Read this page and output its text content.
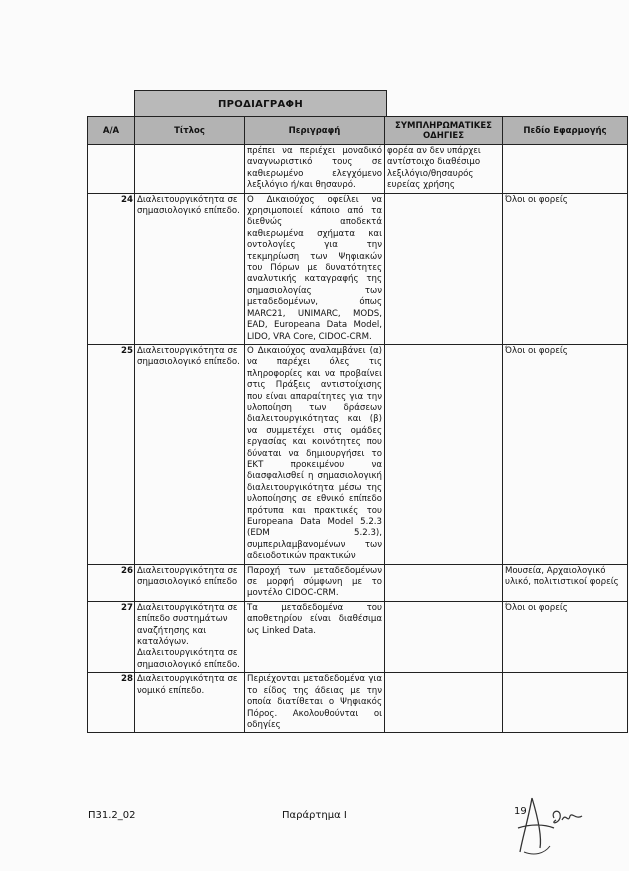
ΠΡΟΔΙΑΓΡΑΦΗ
Α/Α	Τίτλος	Περιγραφή	ΣΥΜΠΛΗΡΩΜΑΤΙΚΕΣ ΟΔΗΓΙΕΣ	Πεδίο Εφαρμογής
		πρέπει να περιέχει μοναδικό αναγνωριστικό τους σε καθιερωμένο ελεγχόμενο λεξιλόγιο ή/και θησαυρό.	φορέα αν δεν υπάρχει αντίστοιχο διαθέσιμο λεξιλόγιο/θησαυρός ευρείας χρήσης	
24	Διαλειτουργικότητα σε σημασιολογικό επίπεδο.	Ο Δικαιούχος οφείλει να χρησιμοποιεί κάποιο από τα διεθνώς αποδεκτά καθιερωμένα σχήματα και οντολογίες για την τεκμηρίωση των Ψηφιακών του Πόρων με δυνατότητες αναλυτικής καταγραφής της σημασιολογίας των μεταδεδομένων, όπως MARC21, UNIMARC, MODS, EAD, Europeana Data Model, LIDO, VRA Core, CIDOC-CRM.		Όλοι οι φορείς
25	Διαλειτουργικότητα σε σημασιολογικό επίπεδο.	Ο Δικαιούχος αναλαμβάνει (α) να παρέχει όλες τις πληροφορίες και να προβαίνει στις Πράξεις αντιστοίχισης που είναι απαραίτητες για την υλοποίηση των δράσεων διαλειτουργικότητας και (β) να συμμετέχει στις ομάδες εργασίας και κοινότητες που δύναται να δημιουργήσει το ΕΚΤ προκειμένου να διασφαλισθεί η σημασιολογική διαλειτουργικότητα μέσω της υλοποίησης σε εθνικό επίπεδο πρότυπα και πρακτικές του Europeana Data Model 5.2.3 (EDM 5.2.3), συμπεριλαμβανομένων των αδειοδοτικών πρακτικών		Όλοι οι φορείς
26	Διαλειτουργικότητα σε σημασιολογικό επίπεδο	Παροχή των μεταδεδομένων σε μορφή σύμφωνη με το μοντέλο CIDOC-CRM.		Μουσεία, Αρχαιολογικό υλικό, πολιτιστικοί φορείς
27	Διαλειτουργικότητα σε επίπεδο συστημάτων αναζήτησης και καταλόγων. Διαλειτουργικότητα σε σημασιολογικό επίπεδο.	Τα μεταδεδομένα του αποθετηρίου είναι διαθέσιμα ως Linked Data.		Όλοι οι φορείς
28	Διαλειτουργικότητα σε νομικό επίπεδο.	Περιέχονται μεταδεδομένα για το είδος της άδειας με την οποία διατίθεται ο Ψηφιακός Πόρος. Ακολουθούνται οι οδηγίες		
Π31.2_02	Παράρτημα Ι	19
